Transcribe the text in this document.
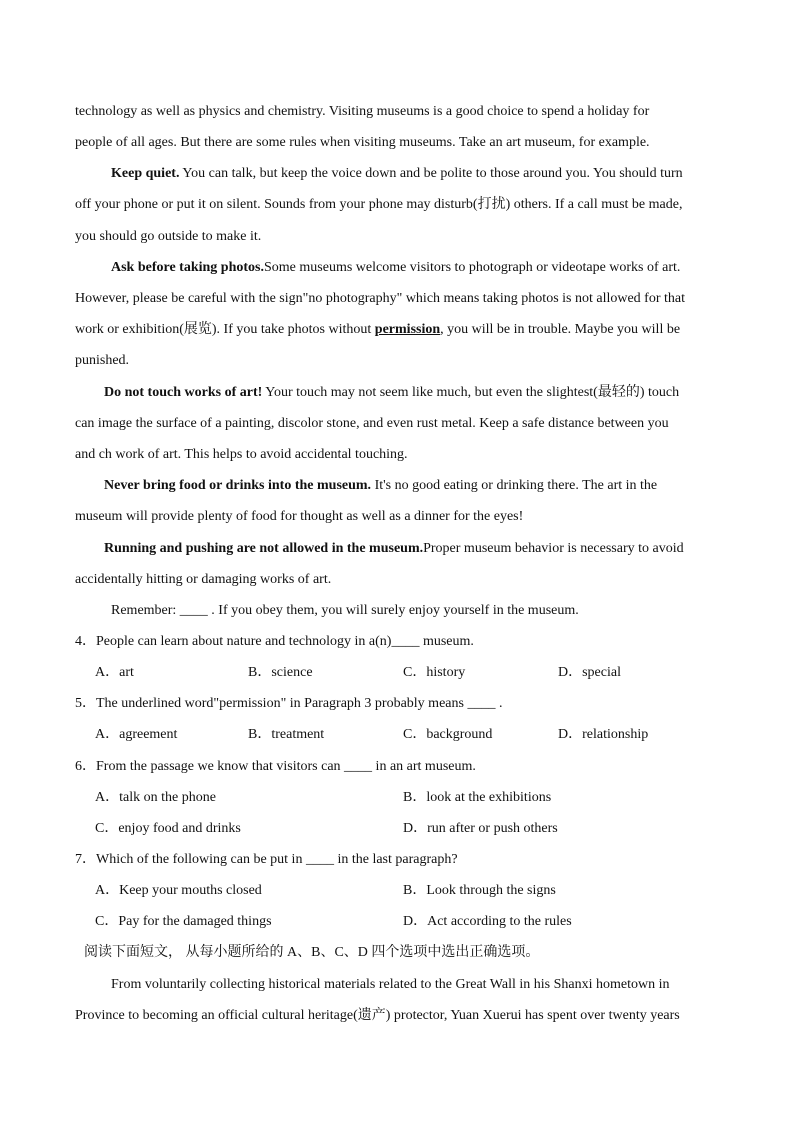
technology as well as physics and chemistry. Visiting museums is a good choice to spend a holiday for
people of all ages. But there are some rules when visiting museums. Take an art museum, for example.
Keep quiet. You can talk, but keep the voice down and be polite to those around you. You should turn
off your phone or put it on silent. Sounds from your phone may disturb(打扰) others. If a call must be made,
you should go outside to make it.
Ask before taking photos.Some museums welcome visitors to photograph or videotape works of art.
However, please be careful with the sign"no photography" which means taking photos is not allowed for that
work or exhibition(展览). If you take photos without permission, you will be in trouble. Maybe you will be
punished.
Do not touch works of art! Your touch may not seem like much, but even the slightest(最轻的) touch
can image the surface of a painting, discolor stone, and even rust metal. Keep a safe distance between you
and ch work of art. This helps to avoid accidental touching.
Never bring food or drinks into the museum. It's no good eating or drinking there. The art in the
museum will provide plenty of food for thought as well as a dinner for the eyes!
Running and pushing are not allowed in the museum.Proper museum behavior is necessary to avoid
accidentally hitting or damaging works of art.
Remember: ____ . If you obey them, you will surely enjoy yourself in the museum.
4．People can learn about nature and technology in a(n)____ museum.
A．art	B．science	C．history	D．special
5．The underlined word"permission" in Paragraph 3 probably means ____ .
A．agreement	B．treatment	C．background	D．relationship
6．From the passage we know that visitors can ____ in an art museum.
A．talk on the phone	B．look at the exhibitions
C．enjoy food and drinks	D．run after or push others
7．Which of the following can be put in ____ in the last paragraph?
A．Keep your mouths closed	B．Look through the signs
C．Pay for the damaged things	D．Act according to the rules
阅读下面短文， 从每小题所给的 A、B、C、D 四个选项中选出正确选项。
From voluntarily collecting historical materials related to the Great Wall in his Shanxi hometown in
Province to becoming an official cultural heritage(遗产) protector, Yuan Xuerui has spent over twenty years
